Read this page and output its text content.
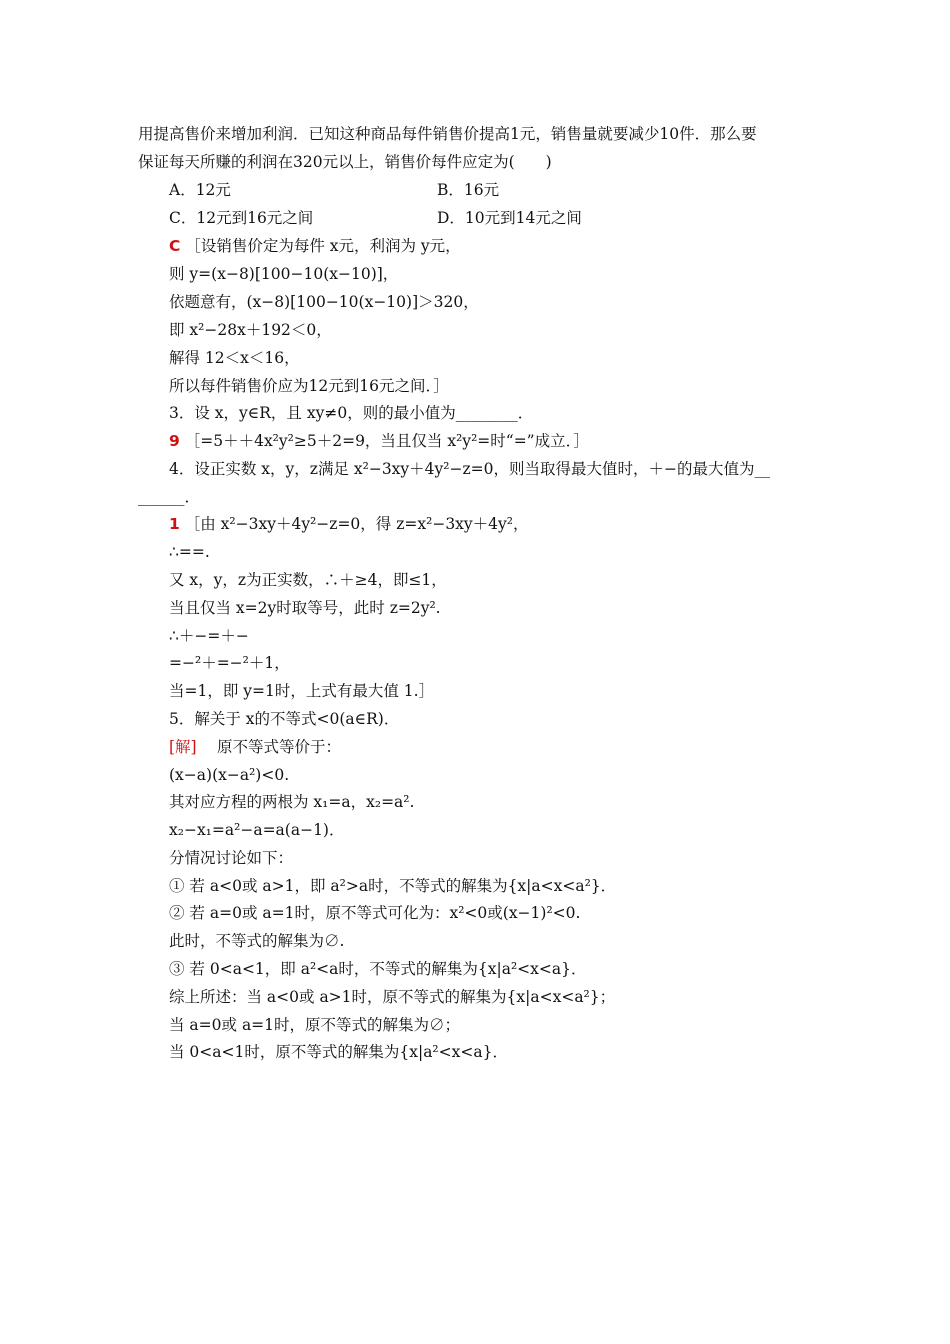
用提高售价来增加利润．已知这种商品每件销售价提高1元，销售量就要减少10件．那么要
保证每天所赚的利润在320元以上，销售价每件应定为(　　)
A．12元	B．16元
C．12元到16元之间	D．10元到14元之间
C ［设销售价定为每件 x元，利润为 y元，
则 y=(x−8)[100−10(x−10)]，
依题意有，(x−8)[100−10(x−10)]＞320，
即 x²−28x＋192＜0，
解得 12＜x＜16，
所以每件销售价应为12元到16元之间．］
3．设 x，y∈R，且 xy≠0，则的最小值为________．
9 ［=5＋＋4x²y²≥5＋2=9，当且仅当 x²y²=时“=”成立．］
4．设正实数 x，y，z满足 x²−3xy＋4y²−z=0，则当取得最大值时，＋−的最大值为__
______．
1 ［由 x²−3xy＋4y²−z=0，得 z=x²−3xy＋4y²，
∴==.
又 x，y，z为正实数，∴＋≥4，即≤1，
当且仅当 x=2y时取等号，此时 z=2y².
∴＋−=＋−
=−²＋=−²＋1，
当=1，即 y=1时，上式有最大值 1.］
5．解关于 x的不等式<0(a∈R)．
[解] 　原不等式等价于：
(x−a)(x−a²)<0.
其对应方程的两根为 x₁=a，x₂=a².
x₂−x₁=a²−a=a(a−1)．
分情况讨论如下：
① 若 a<0或 a>1，即 a²>a时，不等式的解集为{x|a<x<a²}．
② 若 a=0或 a=1时，原不等式可化为：x²<0或(x−1)²<0.
此时，不等式的解集为∅.
③ 若 0<a<1，即 a²<a时，不等式的解集为{x|a²<x<a}．
综上所述：当 a<0或 a>1时，原不等式的解集为{x|a<x<a²}；
当 a=0或 a=1时，原不等式的解集为∅；
当 0<a<1时，原不等式的解集为{x|a²<x<a}．
